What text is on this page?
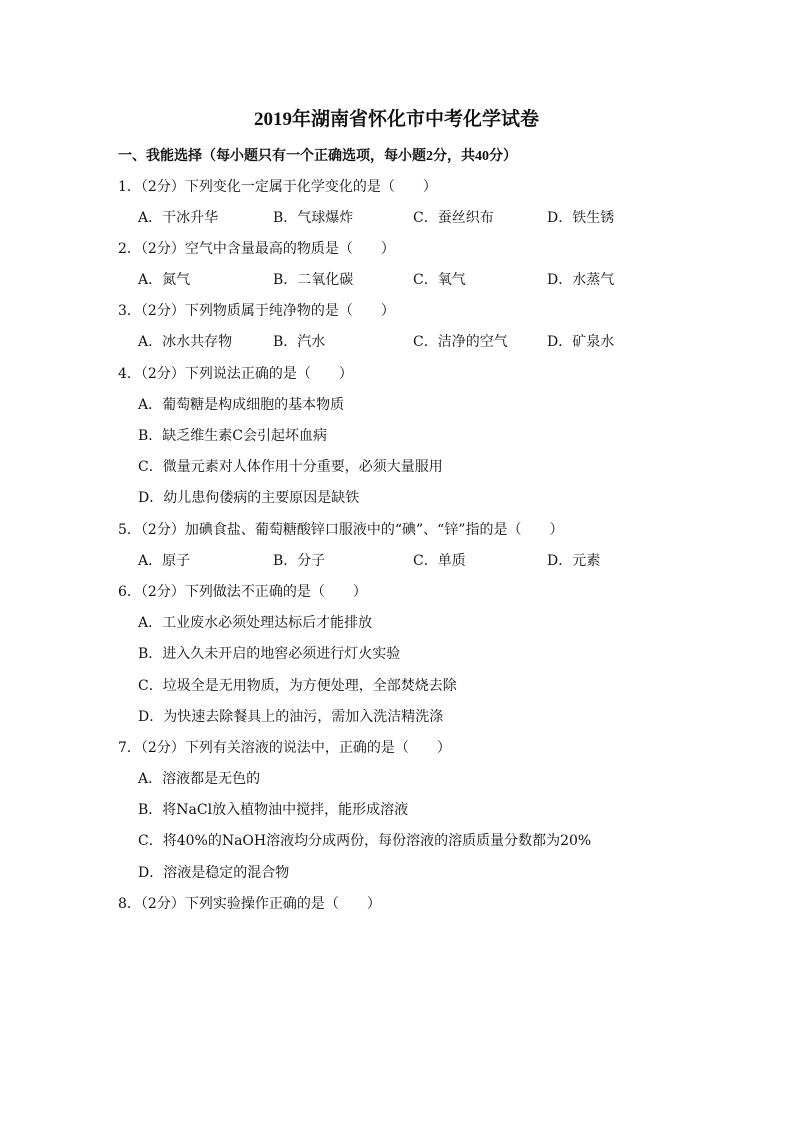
2019年湖南省怀化市中考化学试卷
一、我能选择（每小题只有一个正确选项，每小题2分，共40分）
1．（2分）下列变化一定属于化学变化的是（　　）
A．干冰升华	B．气球爆炸	C．蚕丝织布	D．铁生锈
2．（2分）空气中含量最高的物质是（　　）
A．氮气	B．二氧化碳	C．氧气	D．水蒸气
3．（2分）下列物质属于纯净物的是（　　）
A．冰水共存物	B．汽水	C．洁净的空气	D．矿泉水
4．（2分）下列说法正确的是（　　）
A．葡萄糖是构成细胞的基本物质
B．缺乏维生素C会引起坏血病
C．微量元素对人体作用十分重要，必须大量服用
D．幼儿患佝偻病的主要原因是缺铁
5．（2分）加碘食盐、葡萄糖酸锌口服液中的“碘”、“锌”指的是（　　）
A．原子	B．分子	C．单质	D．元素
6．（2分）下列做法不正确的是（　　）
A．工业废水必须处理达标后才能排放
B．进入久未开启的地窖必须进行灯火实验
C．垃圾全是无用物质，为方便处理，全部焚烧去除
D．为快速去除餐具上的油污，需加入洗洁精洗涤
7．（2分）下列有关溶液的说法中，正确的是（　　）
A．溶液都是无色的
B．将NaCl放入植物油中搅拌，能形成溶液
C．将40%的NaOH溶液均分成两份，每份溶液的溶质质量分数都为20%
D．溶液是稳定的混合物
8．（2分）下列实验操作正确的是（　　）
